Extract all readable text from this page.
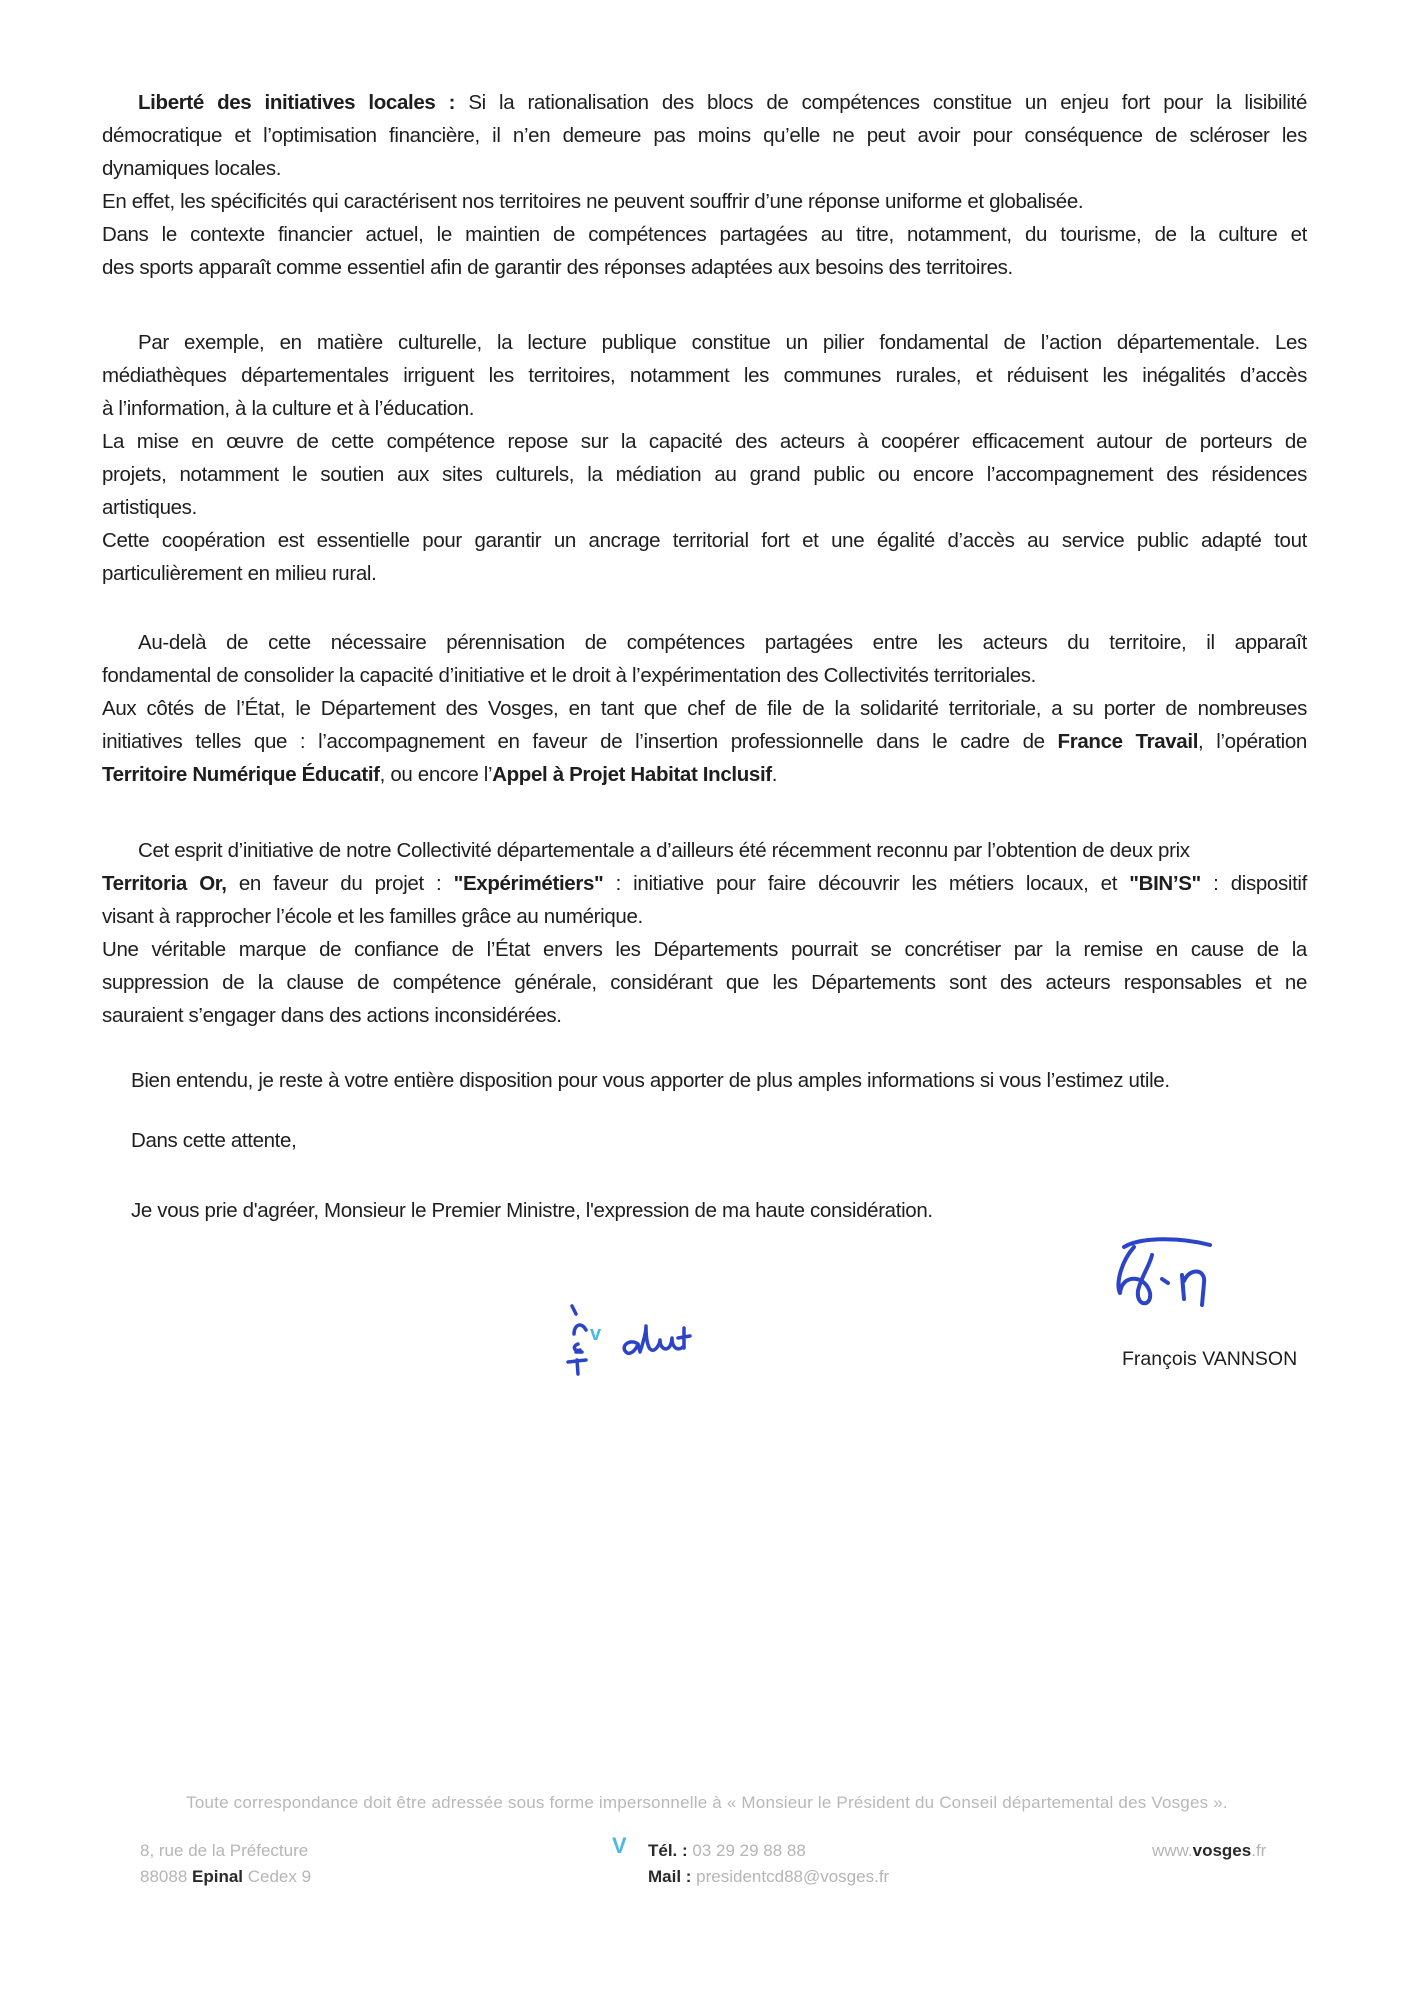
Liberté des initiatives locales : Si la rationalisation des blocs de compétences constitue un enjeu fort pour la lisibilité
démocratique et l’optimisation financière, il n’en demeure pas moins qu’elle ne peut avoir pour conséquence de scléroser les
dynamiques locales.
En effet, les spécificités qui caractérisent nos territoires ne peuvent souffrir d’une réponse uniforme et globalisée.
Dans le contexte financier actuel, le maintien de compétences partagées au titre, notamment, du tourisme, de la culture et
des sports apparaît comme essentiel afin de garantir des réponses adaptées aux besoins des territoires.
Par exemple, en matière culturelle, la lecture publique constitue un pilier fondamental de l’action départementale. Les
médiathèques départementales irriguent les territoires, notamment les communes rurales, et réduisent les inégalités d’accès
à l’information, à la culture et à l’éducation.
La mise en œuvre de cette compétence repose sur la capacité des acteurs à coopérer efficacement autour de porteurs de
projets, notamment le soutien aux sites culturels, la médiation au grand public ou encore l’accompagnement des résidences
artistiques.
Cette coopération est essentielle pour garantir un ancrage territorial fort et une égalité d’accès au service public adapté tout
particulièrement en milieu rural.
Au-delà de cette nécessaire pérennisation de compétences partagées entre les acteurs du territoire, il apparaît
fondamental de consolider la capacité d’initiative et le droit à l’expérimentation des Collectivités territoriales.
Aux côtés de l’État, le Département des Vosges, en tant que chef de file de la solidarité territoriale, a su porter de nombreuses
initiatives telles que : l’accompagnement en faveur de l’insertion professionnelle dans le cadre de France Travail, l’opération
Territoire Numérique Éducatif, ou encore l’Appel à Projet Habitat Inclusif.
Cet esprit d’initiative de notre Collectivité départementale a d’ailleurs été récemment reconnu par l’obtention de deux prix
Territoria Or, en faveur du projet : "Expérimétiers" : initiative pour faire découvrir les métiers locaux, et "BIN’S" : dispositif
visant à rapprocher l’école et les familles grâce au numérique.
Une véritable marque de confiance de l’État envers les Départements pourrait se concrétiser par la remise en cause de la
suppression de la clause de compétence générale, considérant que les Départements sont des acteurs responsables et ne
sauraient s’engager dans des actions inconsidérées.
Bien entendu, je reste à votre entière disposition pour vous apporter de plus amples informations si vous l’estimez utile.
Dans cette attente,
Je vous prie d'agréer, Monsieur le Premier Ministre, l'expression de ma haute considération.
v
François VANNSON
Toute correspondance doit être adressée sous forme impersonnelle à « Monsieur le Président du Conseil départemental des Vosges ».
8, rue de la Préfecture
88088 Epinal Cedex 9
V Tél. : 03 29 29 88 88
Mail : presidentcd88@vosges.fr
www.vosges.fr
